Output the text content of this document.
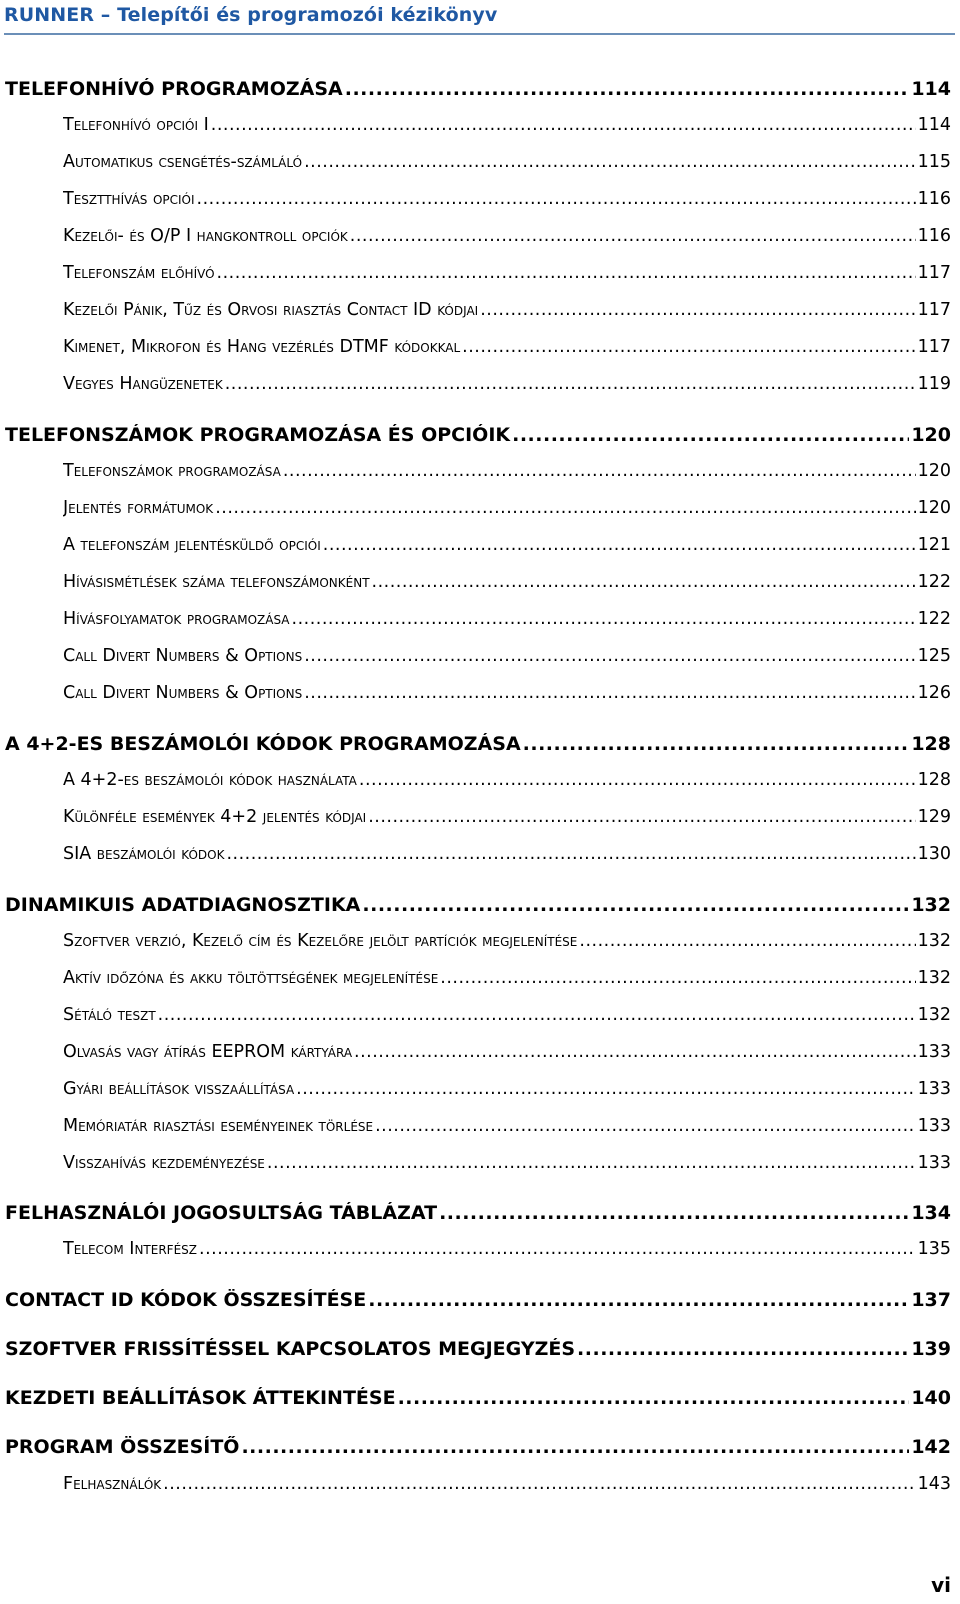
RUNNER – Telepítői és programozói kézikönyv
TELEFONHÍVÓ PROGRAMOZÁSA .....	114
Telefonhívó opciói I .....	114
Automatikus csengétés-számláló .....	115
Tesztthívás opciói .....	116
Kezelői- és O/P I hangkontroll opciók .....	116
Telefonszám előhívó .....	117
Kezelői Pánik, Tűz és Orvosi riasztás Contact ID kódjai .....	117
Kimenet, Mikrofon és Hang vezérlés DTMF kódokkal .....	117
Vegyes Hangüzenetek .....	119
TELEFONSZÁMOK PROGRAMOZÁSA ÉS OPCIÓIK .....	120
Telefonszámok programozása .....	120
Jelentés formátumok .....	120
A telefonszám jelentésküldő opciói .....	121
Hívásismétlések száma telefonszámonként .....	122
Hívásfolyamatok programozása .....	122
Call Divert Numbers & Options .....	125
Call Divert Numbers & Options .....	126
A 4+2-ES BESZÁMOLÓI KÓDOK PROGRAMOZÁSA .....	128
A 4+2-es beszámolói kódok használata .....	128
Különféle események 4+2 jelentés kódjai .....	129
SIA beszámolói kódok .....	130
DINAMIKUIS ADATDIAGNOSZTIKA .....	132
Szoftver verzió, Kezelő cím és Kezelőre jelölt partíciók megjelenítése .....	132
Aktív időzóna és akku töltöttségének megjelenítése .....	132
Sétáló teszt .....	132
Olvasás vagy átírás EEPROM kártyára .....	133
Gyári beállítások visszaállítása .....	133
Memóriatár riasztási eseményeinek törlése .....	133
Visszahívás kezdeményezése .....	133
FELHASZNÁLÓI JOGOSULTSÁG TÁBLÁZAT .....	134
Telecom Interfész .....	135
CONTACT ID KÓDOK ÖSSZESÍTÉSE .....	137
SZOFTVER FRISSÍTÉSSEL KAPCSOLATOS MEGJEGYZÉS .....	139
KEZDETI BEÁLLÍTÁSOK ÁTTEKINTÉSE .....	140
PROGRAM ÖSSZESÍTŐ .....	142
Felhasználók .....	143
vi
